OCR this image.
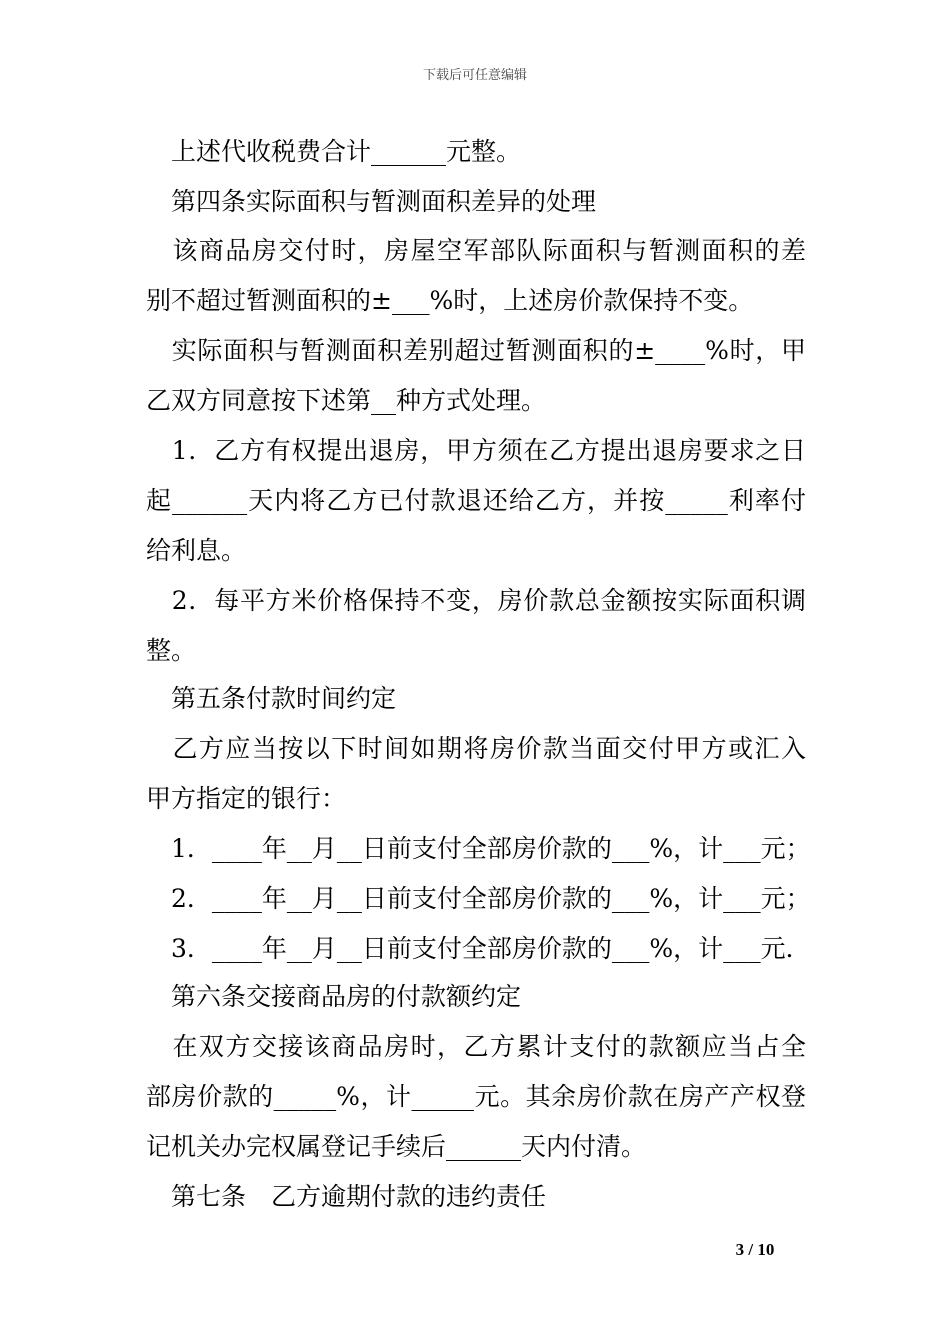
下载后可任意编辑
　上述代收税费合计______元整。
　第四条实际面积与暂测面积差异的处理
　该商品房交付时，房屋空军部队际面积与暂测面积的差
别不超过暂测面积的±___%时，上述房价款保持不变。
　实际面积与暂测面积差别超过暂测面积的±____%时，甲
乙双方同意按下述第__种方式处理。
　1．乙方有权提出退房，甲方须在乙方提出退房要求之日
起______天内将乙方已付款退还给乙方，并按_____利率付
给利息。
　2．每平方米价格保持不变，房价款总金额按实际面积调
整。
　第五条付款时间约定
　乙方应当按以下时间如期将房价款当面交付甲方或汇入
甲方指定的银行：
　1．____年__月__日前支付全部房价款的___%，计___元；
　2．____年__月__日前支付全部房价款的___%，计___元；
　3．____年__月__日前支付全部房价款的___%，计___元．
　第六条交接商品房的付款额约定
　在双方交接该商品房时，乙方累计支付的款额应当占全
部房价款的_____%，计_____元。其余房价款在房产产权登
记机关办完权属登记手续后______天内付清。
　第七条　乙方逾期付款的违约责任
3 / 10
